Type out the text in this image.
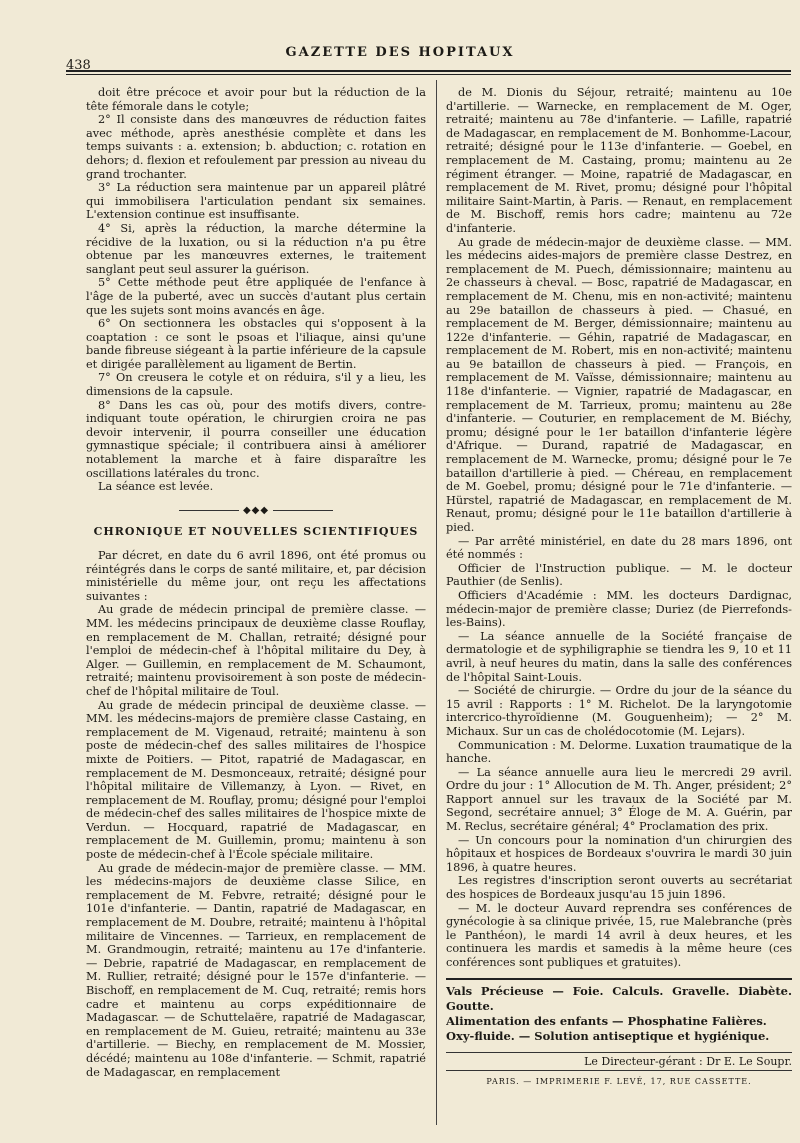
438
GAZETTE DES HOPITAUX

doit être précoce et avoir pour but la réduction de la tête fémorale dans le cotyle;

2° Il consiste dans des manœuvres de réduction faites avec méthode, après anesthésie complète et dans les temps suivants : a. extension; b. abduction; c. rotation en dehors; d. flexion et refoulement par pression au niveau du grand trochanter.

3° La réduction sera maintenue par un appareil plâtré qui immobilisera l'articulation pendant six semaines. L'extension continue est insuffisante.

4° Si, après la réduction, la marche détermine la récidive de la luxation, ou si la réduction n'a pu être obtenue par les manœuvres externes, le traitement sanglant peut seul assurer la guérison.

5° Cette méthode peut être appliquée de l'enfance à l'âge de la puberté, avec un succès d'autant plus certain que les sujets sont moins avancés en âge.

6° On sectionnera les obstacles qui s'opposent à la coaptation : ce sont le psoas et l'iliaque, ainsi qu'une bande fibreuse siégeant à la partie inférieure de la capsule et dirigée parallèlement au ligament de Bertin.

7° On creusera le cotyle et on réduira, s'il y a lieu, les dimensions de la capsule.

8° Dans les cas où, pour des motifs divers, contre-indiquant toute opération, le chirurgien croira ne pas devoir intervenir, il pourra conseiller une éducation gymnastique spéciale; il contribuera ainsi à améliorer notablement la marche et à faire disparaître les oscillations latérales du tronc.

La séance est levée.

◆◆◆
CHRONIQUE ET NOUVELLES SCIENTIFIQUES

Par décret, en date du 6 avril 1896, ont été promus ou réintégrés dans le corps de santé militaire, et, par décision ministérielle du même jour, ont reçu les affectations suivantes :

Au grade de médecin principal de première classe. — MM. les médecins principaux de deuxième classe Rouflay, en remplacement de M. Challan, retraité; désigné pour l'emploi de médecin-chef à l'hôpital militaire du Dey, à Alger. — Guillemin, en remplacement de M. Schaumont, retraité; maintenu provisoirement à son poste de médecin-chef de l'hôpital militaire de Toul.

Au grade de médecin principal de deuxième classe. — MM. les médecins-majors de première classe Castaing, en remplacement de M. Vigenaud, retraité; maintenu à son poste de médecin-chef des salles militaires de l'hospice mixte de Poitiers. — Pitot, rapatrié de Madagascar, en remplacement de M. Desmonceaux, retraité; désigné pour l'hôpital militaire de Villemanzy, à Lyon. — Rivet, en remplacement de M. Rouflay, promu; désigné pour l'emploi de médecin-chef des salles militaires de l'hospice mixte de Verdun. — Hocquard, rapatrié de Madagascar, en remplacement de M. Guillemin, promu; maintenu à son poste de médecin-chef à l'École spéciale militaire.

Au grade de médecin-major de première classe. — MM. les médecins-majors de deuxième classe Silice, en remplacement de M. Febvre, retraité; désigné pour le 101e d'infanterie. — Dantin, rapatrié de Madagascar, en remplacement de M. Doubre, retraité; maintenu à l'hôpital militaire de Vincennes. — Tarrieux, en remplacement de M. Grandmougin, retraité; maintenu au 17e d'infanterie. — Debrie, rapatrié de Madagascar, en remplacement de M. Rullier, retraité; désigné pour le 157e d'infanterie. — Bischoff, en remplacement de M. Cuq, retraité; remis hors cadre et maintenu au corps expéditionnaire de Madagascar. — de Schuttelaëre, rapatrié de Madagascar, en remplacement de M. Guieu, retraité; maintenu au 33e d'artillerie. — Biechy, en remplacement de M. Mossier, décédé; maintenu au 108e d'infanterie. — Schmit, rapatrié de Madagascar, en remplacement

de M. Dionis du Séjour, retraité; maintenu au 10e d'artillerie. — Warnecke, en remplacement de M. Oger, retraité; maintenu au 78e d'infanterie. — Lafille, rapatrié de Madagascar, en remplacement de M. Bonhomme-Lacour, retraité; désigné pour le 113e d'infanterie. — Goebel, en remplacement de M. Castaing, promu; maintenu au 2e régiment étranger. — Moine, rapatrié de Madagascar, en remplacement de M. Rivet, promu; désigné pour l'hôpital militaire Saint-Martin, à Paris. — Renaut, en remplacement de M. Bischoff, remis hors cadre; maintenu au 72e d'infanterie.

Au grade de médecin-major de deuxième classe. — MM. les médecins aides-majors de première classe Destrez, en remplacement de M. Puech, démissionnaire; maintenu au 2e chasseurs à cheval. — Bosc, rapatrié de Madagascar, en remplacement de M. Chenu, mis en non-activité; maintenu au 29e bataillon de chasseurs à pied. — Chasué, en remplacement de M. Berger, démissionnaire; maintenu au 122e d'infanterie. — Géhin, rapatrié de Madagascar, en remplacement de M. Robert, mis en non-activité; maintenu au 9e bataillon de chasseurs à pied. — François, en remplacement de M. Vaïsse, démissionnaire; maintenu au 118e d'infanterie. — Vignier, rapatrié de Madagascar, en remplacement de M. Tarrieux, promu; maintenu au 28e d'infanterie. — Couturier, en remplacement de M. Biéchy, promu; désigné pour le 1er bataillon d'infanterie légère d'Afrique. — Durand, rapatrié de Madagascar, en remplacement de M. Warnecke, promu; désigné pour le 7e bataillon d'artillerie à pied. — Chéreau, en remplacement de M. Goebel, promu; désigné pour le 71e d'infanterie. — Hürstel, rapatrié de Madagascar, en remplacement de M. Renaut, promu; désigné pour le 11e bataillon d'artillerie à pied.

— Par arrêté ministériel, en date du 28 mars 1896, ont été nommés :

Officier de l'Instruction publique. — M. le docteur Pauthier (de Senlis).

Officiers d'Académie : MM. les docteurs Dardignac, médecin-major de première classe; Duriez (de Pierrefonds-les-Bains).

— La séance annuelle de la Société française de dermatologie et de syphiligraphie se tiendra les 9, 10 et 11 avril, à neuf heures du matin, dans la salle des conférences de l'hôpital Saint-Louis.

— Société de chirurgie. — Ordre du jour de la séance du 15 avril : Rapports : 1° M. Richelot. De la laryngotomie intercrico-thyroïdienne (M. Gouguenheim); — 2° M. Michaux. Sur un cas de cholédocotomie (M. Lejars).

Communication : M. Delorme. Luxation traumatique de la hanche.

— La séance annuelle aura lieu le mercredi 29 avril. Ordre du jour : 1° Allocution de M. Th. Anger, président; 2° Rapport annuel sur les travaux de la Société par M. Segond, secrétaire annuel; 3° Éloge de M. A. Guérin, par M. Reclus, secrétaire général; 4° Proclamation des prix.

— Un concours pour la nomination d'un chirurgien des hôpitaux et hospices de Bordeaux s'ouvrira le mardi 30 juin 1896, à quatre heures.

Les registres d'inscription seront ouverts au secrétariat des hospices de Bordeaux jusqu'au 15 juin 1896.

— M. le docteur Auvard reprendra ses conférences de gynécologie à sa clinique privée, 15, rue Malebranche (près le Panthéon), le mardi 14 avril à deux heures, et les continuera les mardis et samedis à la même heure (ces conférences sont publiques et gratuites).

Vals Précieuse — Foie. Calculs. Gravelle. Diabète. Goutte.
Alimentation des enfants — Phosphatine Falières.
Oxy-fluide. — Solution antiseptique et hygiénique.
Le Directeur-gérant : Dr E. Le Soupr.
PARIS. — IMPRIMERIE F. LEVÉ, 17, RUE CASSETTE.
